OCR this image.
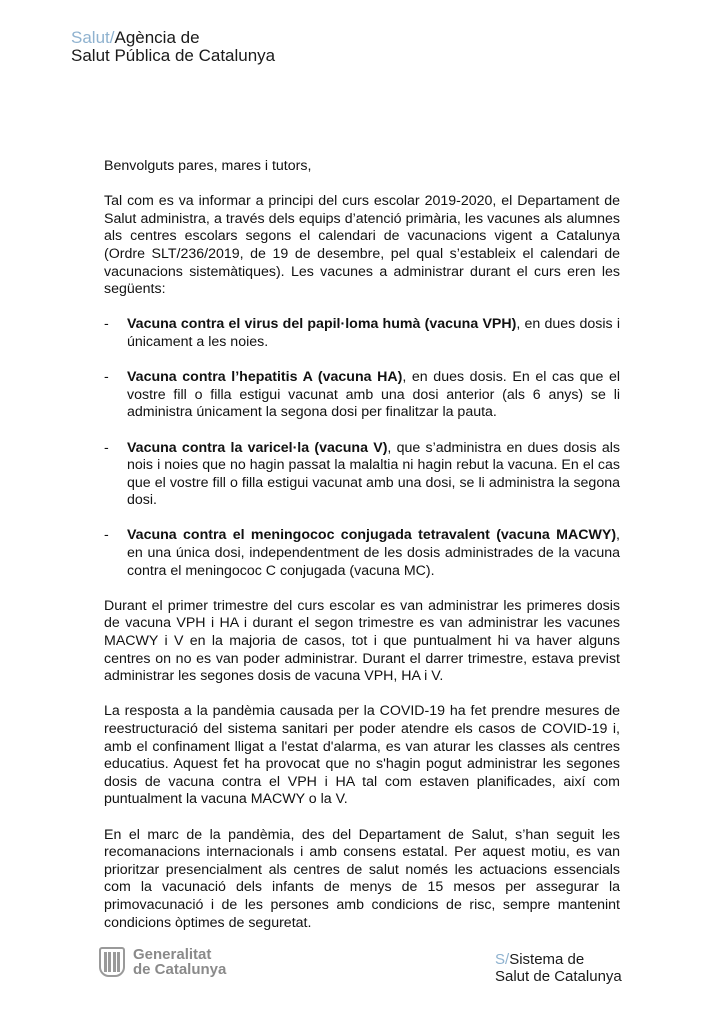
Salut/Agència de
Salut Pública de Catalunya

Benvolguts pares, mares i tutors,

Tal com es va informar a principi del curs escolar 2019-2020, el Departament de Salut administra, a través dels equips d’atenció primària, les vacunes als alumnes als centres escolars segons el calendari de vacunacions vigent a Catalunya (Ordre SLT/236/2019, de 19 de desembre, pel qual s’estableix el calendari de vacunacions sistemàtiques). Les vacunes a administrar durant el curs eren les següents:

- Vacuna contra el virus del papil·loma humà (vacuna VPH), en dues dosis i únicament a les noies.
- Vacuna contra l’hepatitis A (vacuna HA), en dues dosis. En el cas que el vostre fill o filla estigui vacunat amb una dosi anterior (als 6 anys) se li administra únicament la segona dosi per finalitzar la pauta.
- Vacuna contra la varicel·la (vacuna V), que s’administra en dues dosis als nois i noies que no hagin passat la malaltia ni hagin rebut la vacuna. En el cas que el vostre fill o filla estigui vacunat amb una dosi, se li administra la segona dosi.
- Vacuna contra el meningococ conjugada tetravalent (vacuna MACWY), en una única dosi, independentment de les dosis administrades de la vacuna contra el meningococ C conjugada (vacuna MC).

Durant el primer trimestre del curs escolar es van administrar les primeres dosis de vacuna VPH i HA i durant el segon trimestre es van administrar les vacunes MACWY i V en la majoria de casos, tot i que puntualment hi va haver alguns centres on no es van poder administrar. Durant el darrer trimestre, estava previst administrar les segones dosis de vacuna VPH, HA i V.

La resposta a la pandèmia causada per la COVID-19 ha fet prendre mesures de reestructuració del sistema sanitari per poder atendre els casos de COVID-19 i, amb el confinament lligat a l'estat d'alarma, es van aturar les classes als centres educatius. Aquest fet ha provocat que no s'hagin pogut administrar les segones dosis de vacuna contra el VPH i HA tal com estaven planificades, així com puntualment la vacuna MACWY o la V.

En el marc de la pandèmia, des del Departament de Salut, s’han seguit les recomanacions internacionals i amb consens estatal. Per aquest motiu, es van prioritzar presencialment als centres de salut només les actuacions essencials com la vacunació dels infants de menys de 15 mesos per assegurar la primovacunació i de les persones amb condicions de risc, sempre mantenint condicions òptimes de seguretat.

Generalitat
de Catalunya
S/Sistema de
Salut de Catalunya
